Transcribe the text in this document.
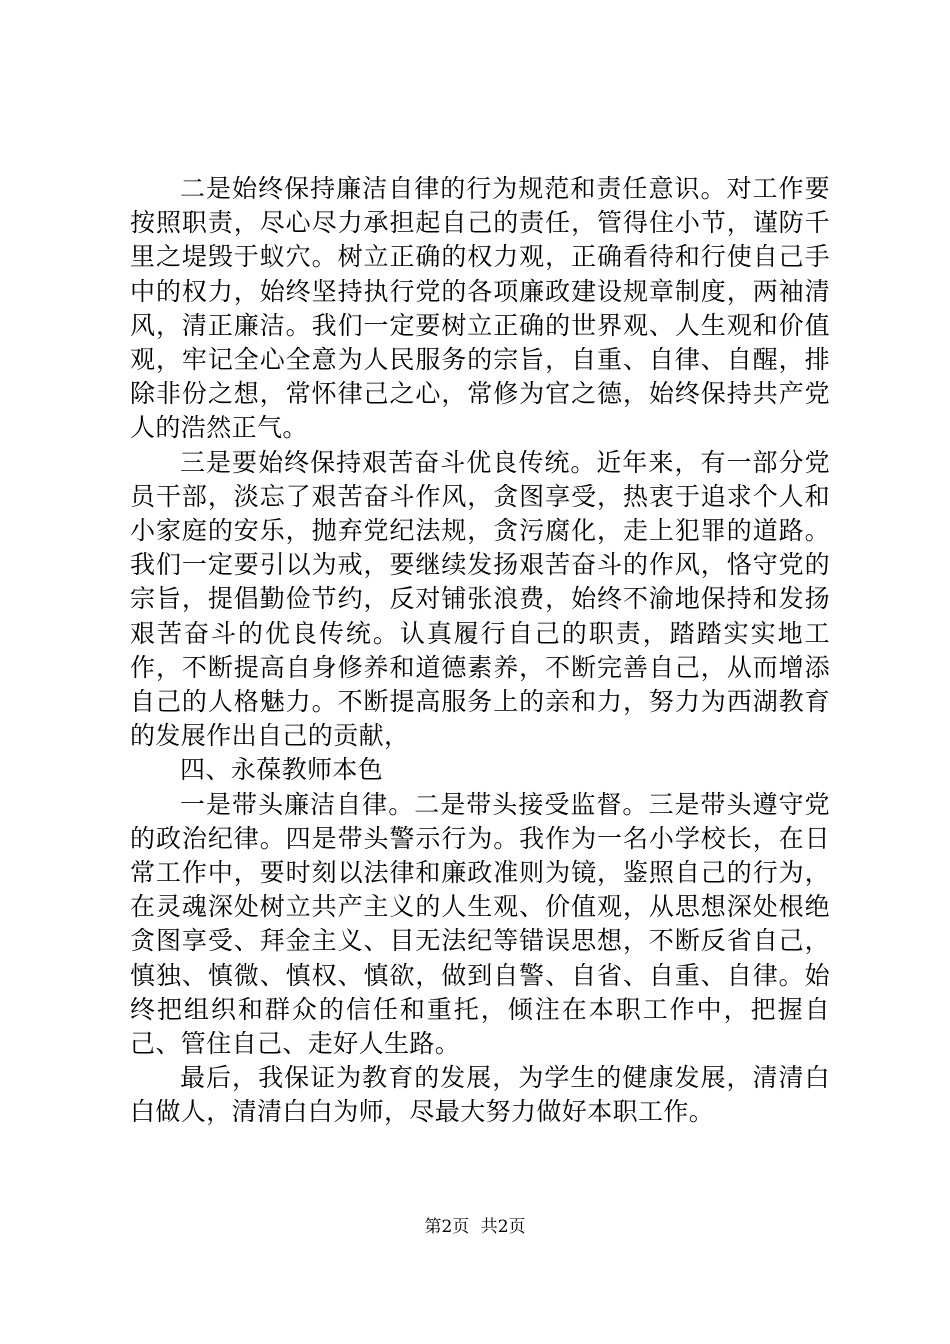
二是始终保持廉洁自律的行为规范和责任意识。对工作要按照职责，尽心尽力承担起自己的责任，管得住小节，谨防千里之堤毁于蚁穴。树立正确的权力观，正确看待和行使自己手中的权力，始终坚持执行党的各项廉政建设规章制度，两袖清风，清正廉洁。我们一定要树立正确的世界观、人生观和价值观，牢记全心全意为人民服务的宗旨，自重、自律、自醒，排除非份之想，常怀律己之心，常修为官之德，始终保持共产党人的浩然正气。

三是要始终保持艰苦奋斗优良传统。近年来，有一部分党员干部，淡忘了艰苦奋斗作风，贪图享受，热衷于追求个人和小家庭的安乐，抛弃党纪法规，贪污腐化，走上犯罪的道路。我们一定要引以为戒，要继续发扬艰苦奋斗的作风，恪守党的宗旨，提倡勤俭节约，反对铺张浪费，始终不渝地保持和发扬艰苦奋斗的优良传统。认真履行自己的职责，踏踏实实地工作，不断提高自身修养和道德素养，不断完善自己，从而增添自己的人格魅力。不断提高服务上的亲和力，努力为西湖教育的发展作出自己的贡献，

四、永葆教师本色

一是带头廉洁自律。二是带头接受监督。三是带头遵守党的政治纪律。四是带头警示行为。我作为一名小学校长，在日常工作中，要时刻以法律和廉政准则为镜，鉴照自己的行为，在灵魂深处树立共产主义的人生观、价值观，从思想深处根绝贪图享受、拜金主义、目无法纪等错误思想，不断反省自己，慎独、慎微、慎权、慎欲，做到自警、自省、自重、自律。始终把组织和群众的信任和重托，倾注在本职工作中，把握自己、管住自己、走好人生路。

最后，我保证为教育的发展，为学生的健康发展，清清白白做人，清清白白为师，尽最大努力做好本职工作。

第2页 共2页
